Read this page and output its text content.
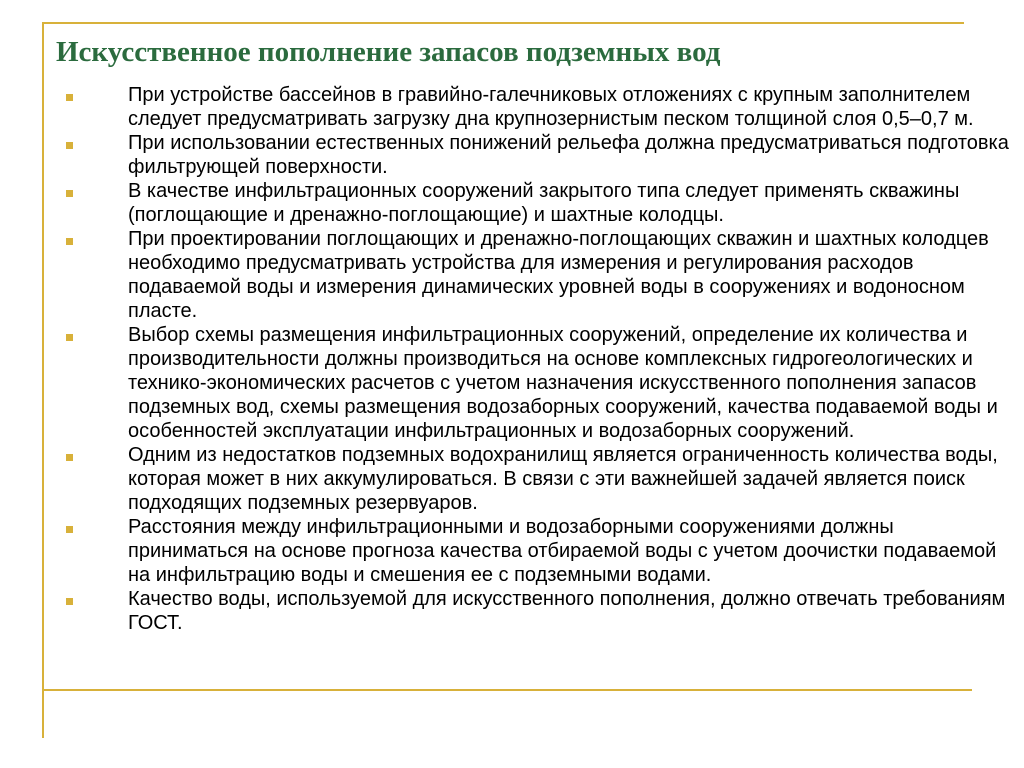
Искусственное пополнение запасов подземных вод
При устройстве бассейнов в гравийно-галечниковых отложениях с крупным заполнителем следует предусматривать загрузку дна крупнозернистым песком толщиной слоя 0,5–0,7 м.
При использовании естественных понижений рельефа должна предусматриваться подготовка фильтрующей поверхности.
В качестве инфильтрационных сооружений закрытого типа следует применять скважины (поглощающие и дренажно-поглощающие) и шахтные колодцы.
При проектировании поглощающих и дренажно-поглощающих скважин и шахтных колодцев необходимо предусматривать устройства для измерения и регулирования расходов подаваемой воды и измерения динамических уровней воды в сооружениях и водоносном пласте.
Выбор схемы размещения инфильтрационных сооружений, определение их количества и производительности должны производиться на основе комплексных гидрогеологических и технико-экономических расчетов с учетом назначения искусственного пополнения запасов подземных вод, схемы размещения водозаборных сооружений, качества подаваемой воды и особенностей эксплуатации инфильтрационных и водозаборных сооружений.
Одним из недостатков подземных водохранилищ является ограниченность количества воды, которая может в них аккумулироваться. В связи с эти важнейшей задачей является поиск подходящих подземных резервуаров.
Расстояния между инфильтрационными и водозаборными сооружениями должны приниматься на основе прогноза качества отбираемой воды с учетом доочистки подаваемой на инфильтрацию воды и смешения ее с подземными водами.
Качество воды, используемой для искусственного пополнения, должно отвечать требованиям ГОСТ.
